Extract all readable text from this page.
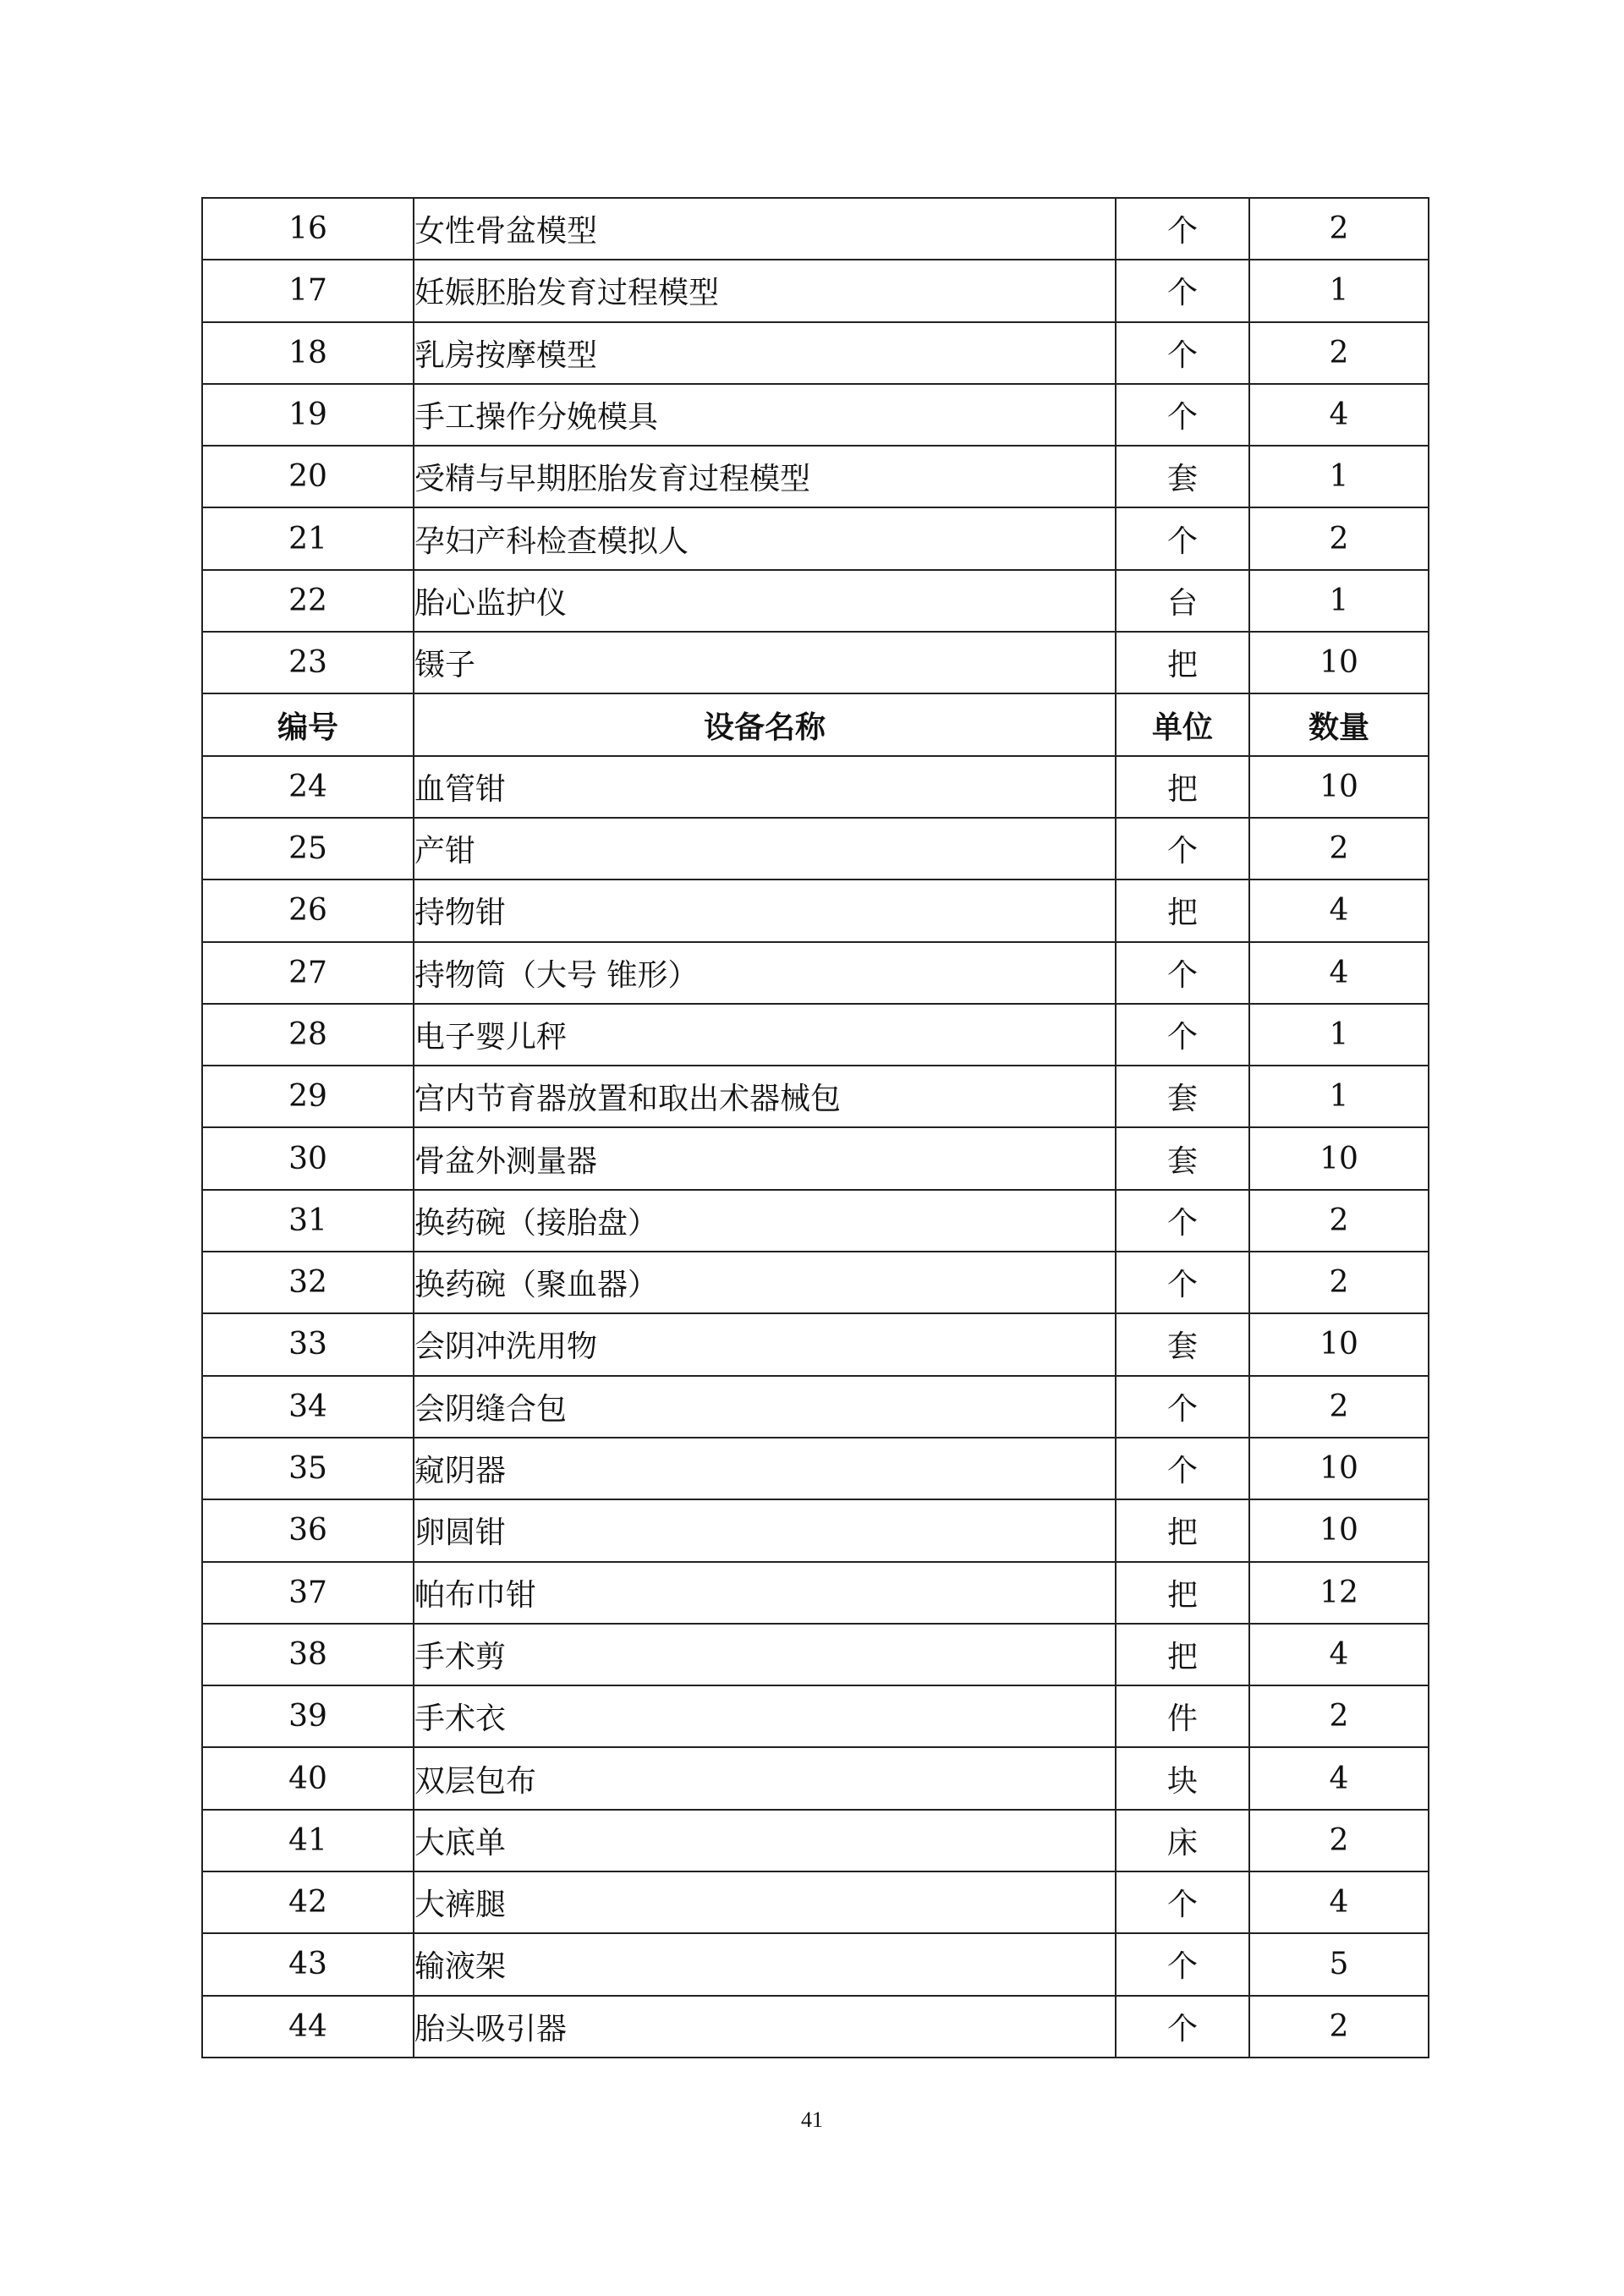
16	女性骨盆模型	个	2
17	妊娠胚胎发育过程模型	个	1
18	乳房按摩模型	个	2
19	手工操作分娩模具	个	4
20	受精与早期胚胎发育过程模型	套	1
21	孕妇产科检查模拟人	个	2
22	胎心监护仪	台	1
23	镊子	把	10
编号	设备名称	单位	数量
24	血管钳	把	10
25	产钳	个	2
26	持物钳	把	4
27	持物筒（大号 锥形）	个	4
28	电子婴儿秤	个	1
29	宫内节育器放置和取出术器械包	套	1
30	骨盆外测量器	套	10
31	换药碗（接胎盘）	个	2
32	换药碗（聚血器）	个	2
33	会阴冲洗用物	套	10
34	会阴缝合包	个	2
35	窥阴器	个	10
36	卵圆钳	把	10
37	帕布巾钳	把	12
38	手术剪	把	4
39	手术衣	件	2
40	双层包布	块	4
41	大底单	床	2
42	大裤腿	个	4
43	输液架	个	5
44	胎头吸引器	个	2
41
